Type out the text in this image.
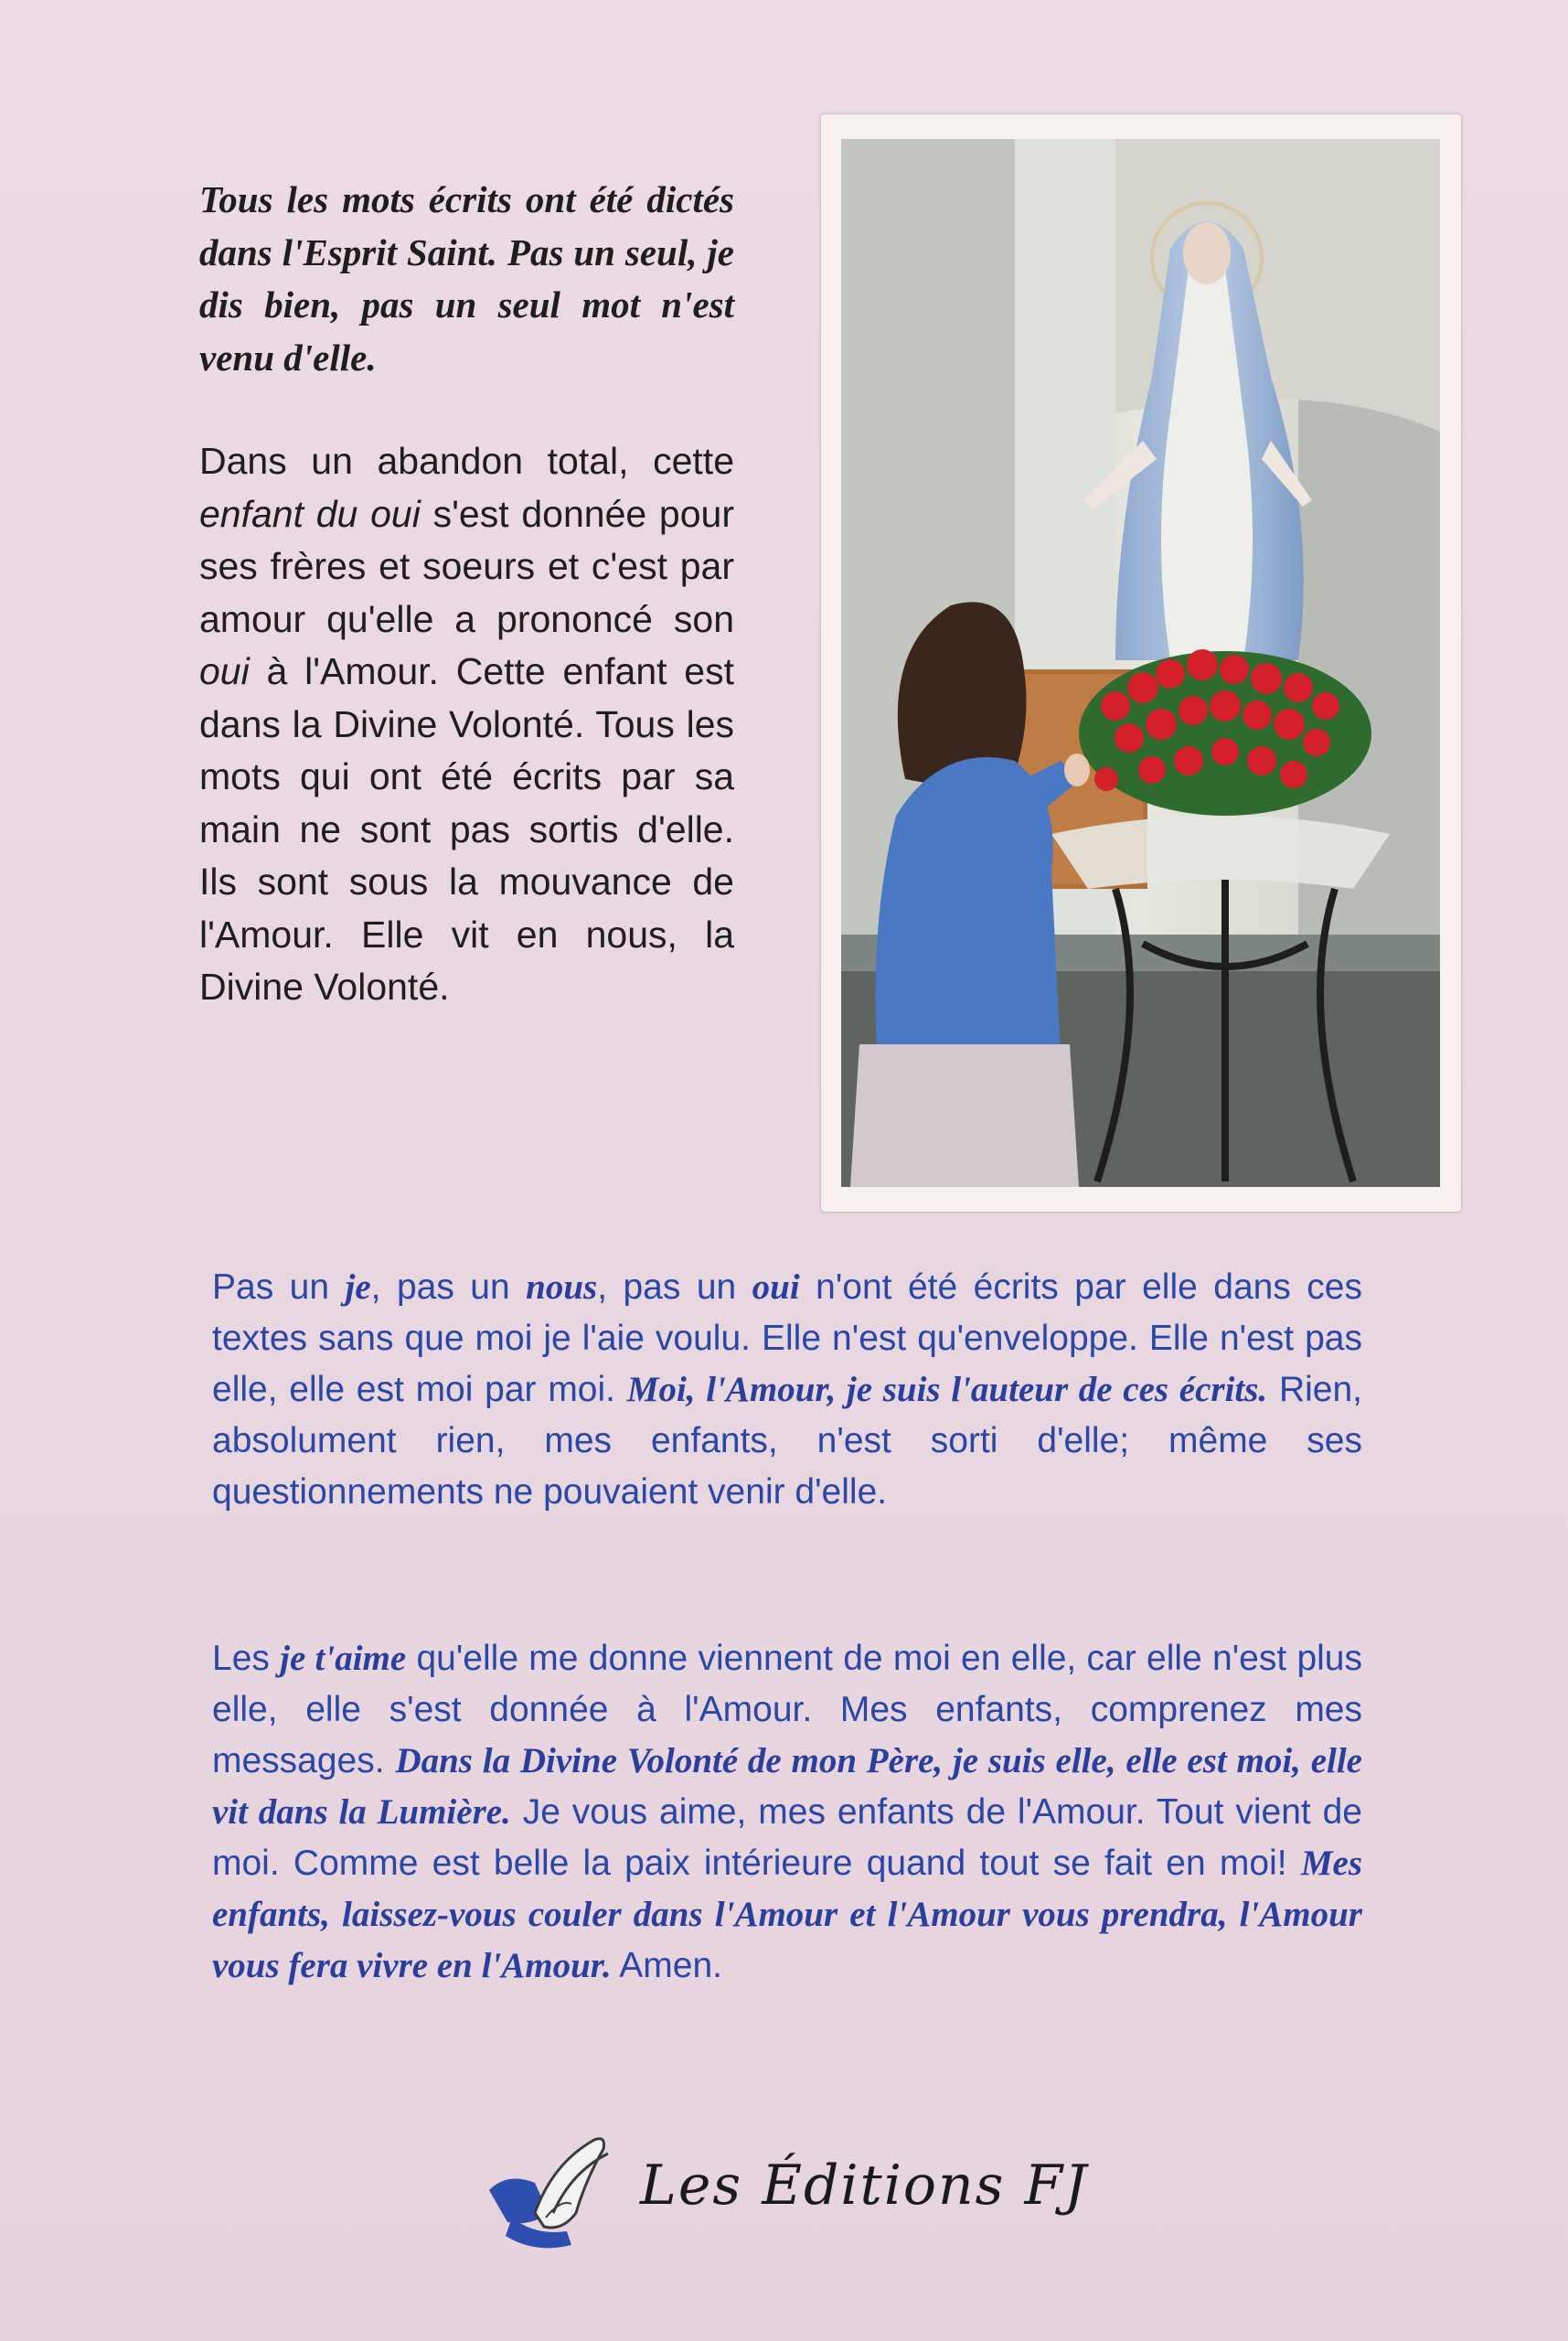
Tous les mots écrits ont été dictés dans l'Esprit Saint. Pas un seul, je dis bien, pas un seul mot n'est venu d'elle.

Dans un abandon total, cette enfant du oui s'est donnée pour ses frères et soeurs et c'est par amour qu'elle a prononcé son oui à l'Amour. Cette enfant est dans la Divine Volonté. Tous les mots qui ont été écrits par sa main ne sont pas sortis d'elle. Ils sont sous la mouvance de l'Amour. Elle vit en nous, la Divine Volonté.

Pas un je, pas un nous, pas un oui n'ont été écrits par elle dans ces textes sans que moi je l'aie voulu. Elle n'est qu'enveloppe. Elle n'est pas elle, elle est moi par moi. Moi, l'Amour, je suis l'auteur de ces écrits. Rien, absolument rien, mes enfants, n'est sorti d'elle; même ses questionnements ne pouvaient venir d'elle.

Les je t'aime qu'elle me donne viennent de moi en elle, car elle n'est plus elle, elle s'est donnée à l'Amour. Mes enfants, comprenez mes messages. Dans la Divine Volonté de mon Père, je suis elle, elle est moi, elle vit dans la Lumière. Je vous aime, mes enfants de l'Amour. Tout vient de moi. Comme est belle la paix intérieure quand tout se fait en moi! Mes enfants, laissez-vous couler dans l'Amour et l'Amour vous prendra, l'Amour vous fera vivre en l'Amour. Amen.

Les Éditions FJ
